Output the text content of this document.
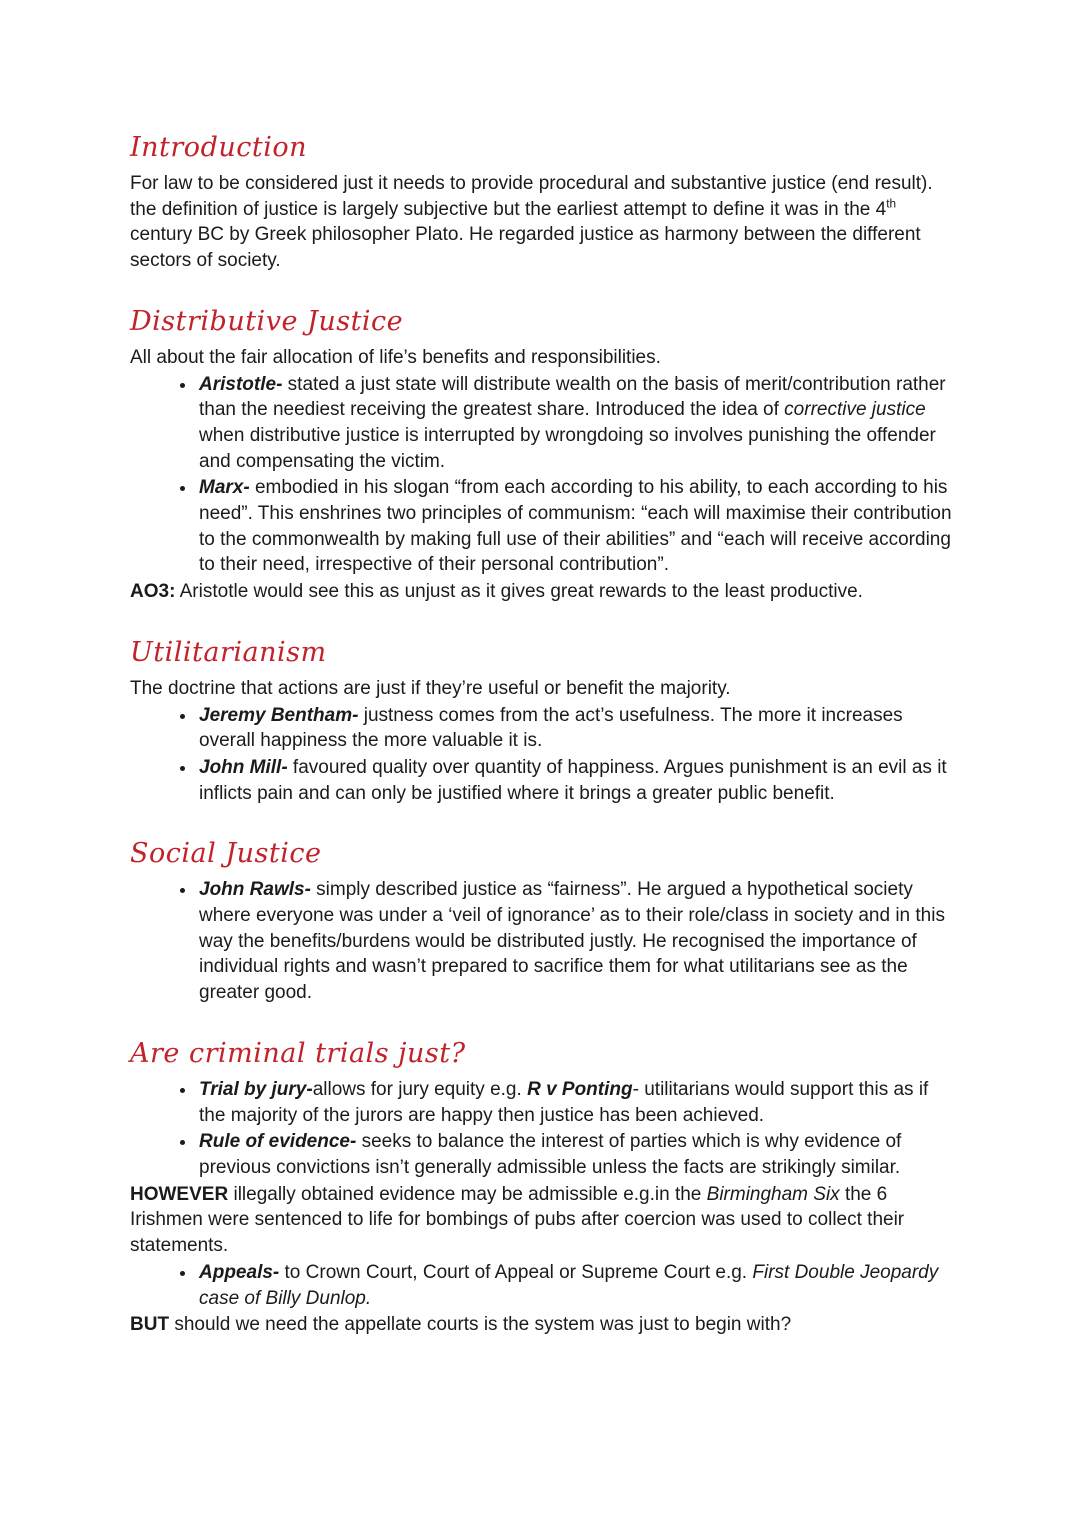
Introduction

For law to be considered just it needs to provide procedural and substantive justice (end result). the definition of justice is largely subjective but the earliest attempt to define it was in the 4th century BC by Greek philosopher Plato. He regarded justice as harmony between the different sectors of society.

Distributive Justice

All about the fair allocation of life’s benefits and responsibilities.

• Aristotle- stated a just state will distribute wealth on the basis of merit/contribution rather than the neediest receiving the greatest share. Introduced the idea of corrective justice when distributive justice is interrupted by wrongdoing so involves punishing the offender and compensating the victim.
• Marx- embodied in his slogan “from each according to his ability, to each according to his need”. This enshrines two principles of communism: “each will maximise their contribution to the commonwealth by making full use of their abilities” and “each will receive according to their need, irrespective of their personal contribution”.

AO3: Aristotle would see this as unjust as it gives great rewards to the least productive.

Utilitarianism

The doctrine that actions are just if they’re useful or benefit the majority.

• Jeremy Bentham- justness comes from the act’s usefulness. The more it increases overall happiness the more valuable it is.
• John Mill- favoured quality over quantity of happiness. Argues punishment is an evil as it inflicts pain and can only be justified where it brings a greater public benefit.
Social Justice
• John Rawls- simply described justice as “fairness”. He argued a hypothetical society where everyone was under a ‘veil of ignorance’ as to their role/class in society and in this way the benefits/burdens would be distributed justly. He recognised the importance of individual rights and wasn’t prepared to sacrifice them for what utilitarians see as the greater good.
Are criminal trials just?
• Trial by jury-allows for jury equity e.g. R v Ponting- utilitarians would support this as if the majority of the jurors are happy then justice has been achieved.
• Rule of evidence- seeks to balance the interest of parties which is why evidence of previous convictions isn’t generally admissible unless the facts are strikingly similar.

HOWEVER illegally obtained evidence may be admissible e.g.in the Birmingham Six the 6 Irishmen were sentenced to life for bombings of pubs after coercion was used to collect their statements.

• Appeals- to Crown Court, Court of Appeal or Supreme Court e.g. First Double Jeopardy case of Billy Dunlop.

BUT should we need the appellate courts is the system was just to begin with?
